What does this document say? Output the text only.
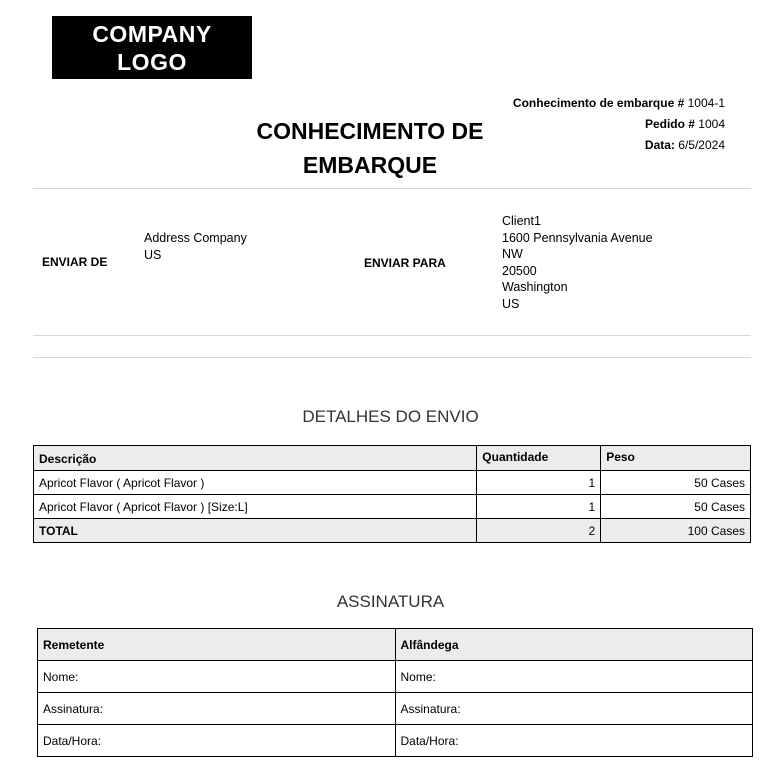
COMPANY
LOGO
Conhecimento de embarque # 1004-1
Pedido # 1004
Data: 6/5/2024
CONHECIMENTO DE
EMBARQUE
ENVIAR DE
Address Company
US
ENVIAR PARA
Client1
1600 Pennsylvania Avenue
NW
20500
Washington
US
DETALHES DO ENVIO
Descrição	Quantidade	Peso
Apricot Flavor ( Apricot Flavor )	1	50 Cases
Apricot Flavor ( Apricot Flavor ) [Size:L]	1	50 Cases
TOTAL	2	100 Cases
ASSINATURA
Remetente	Alfândega
Nome:	Nome:
Assinatura:	Assinatura:
Data/Hora:	Data/Hora:
